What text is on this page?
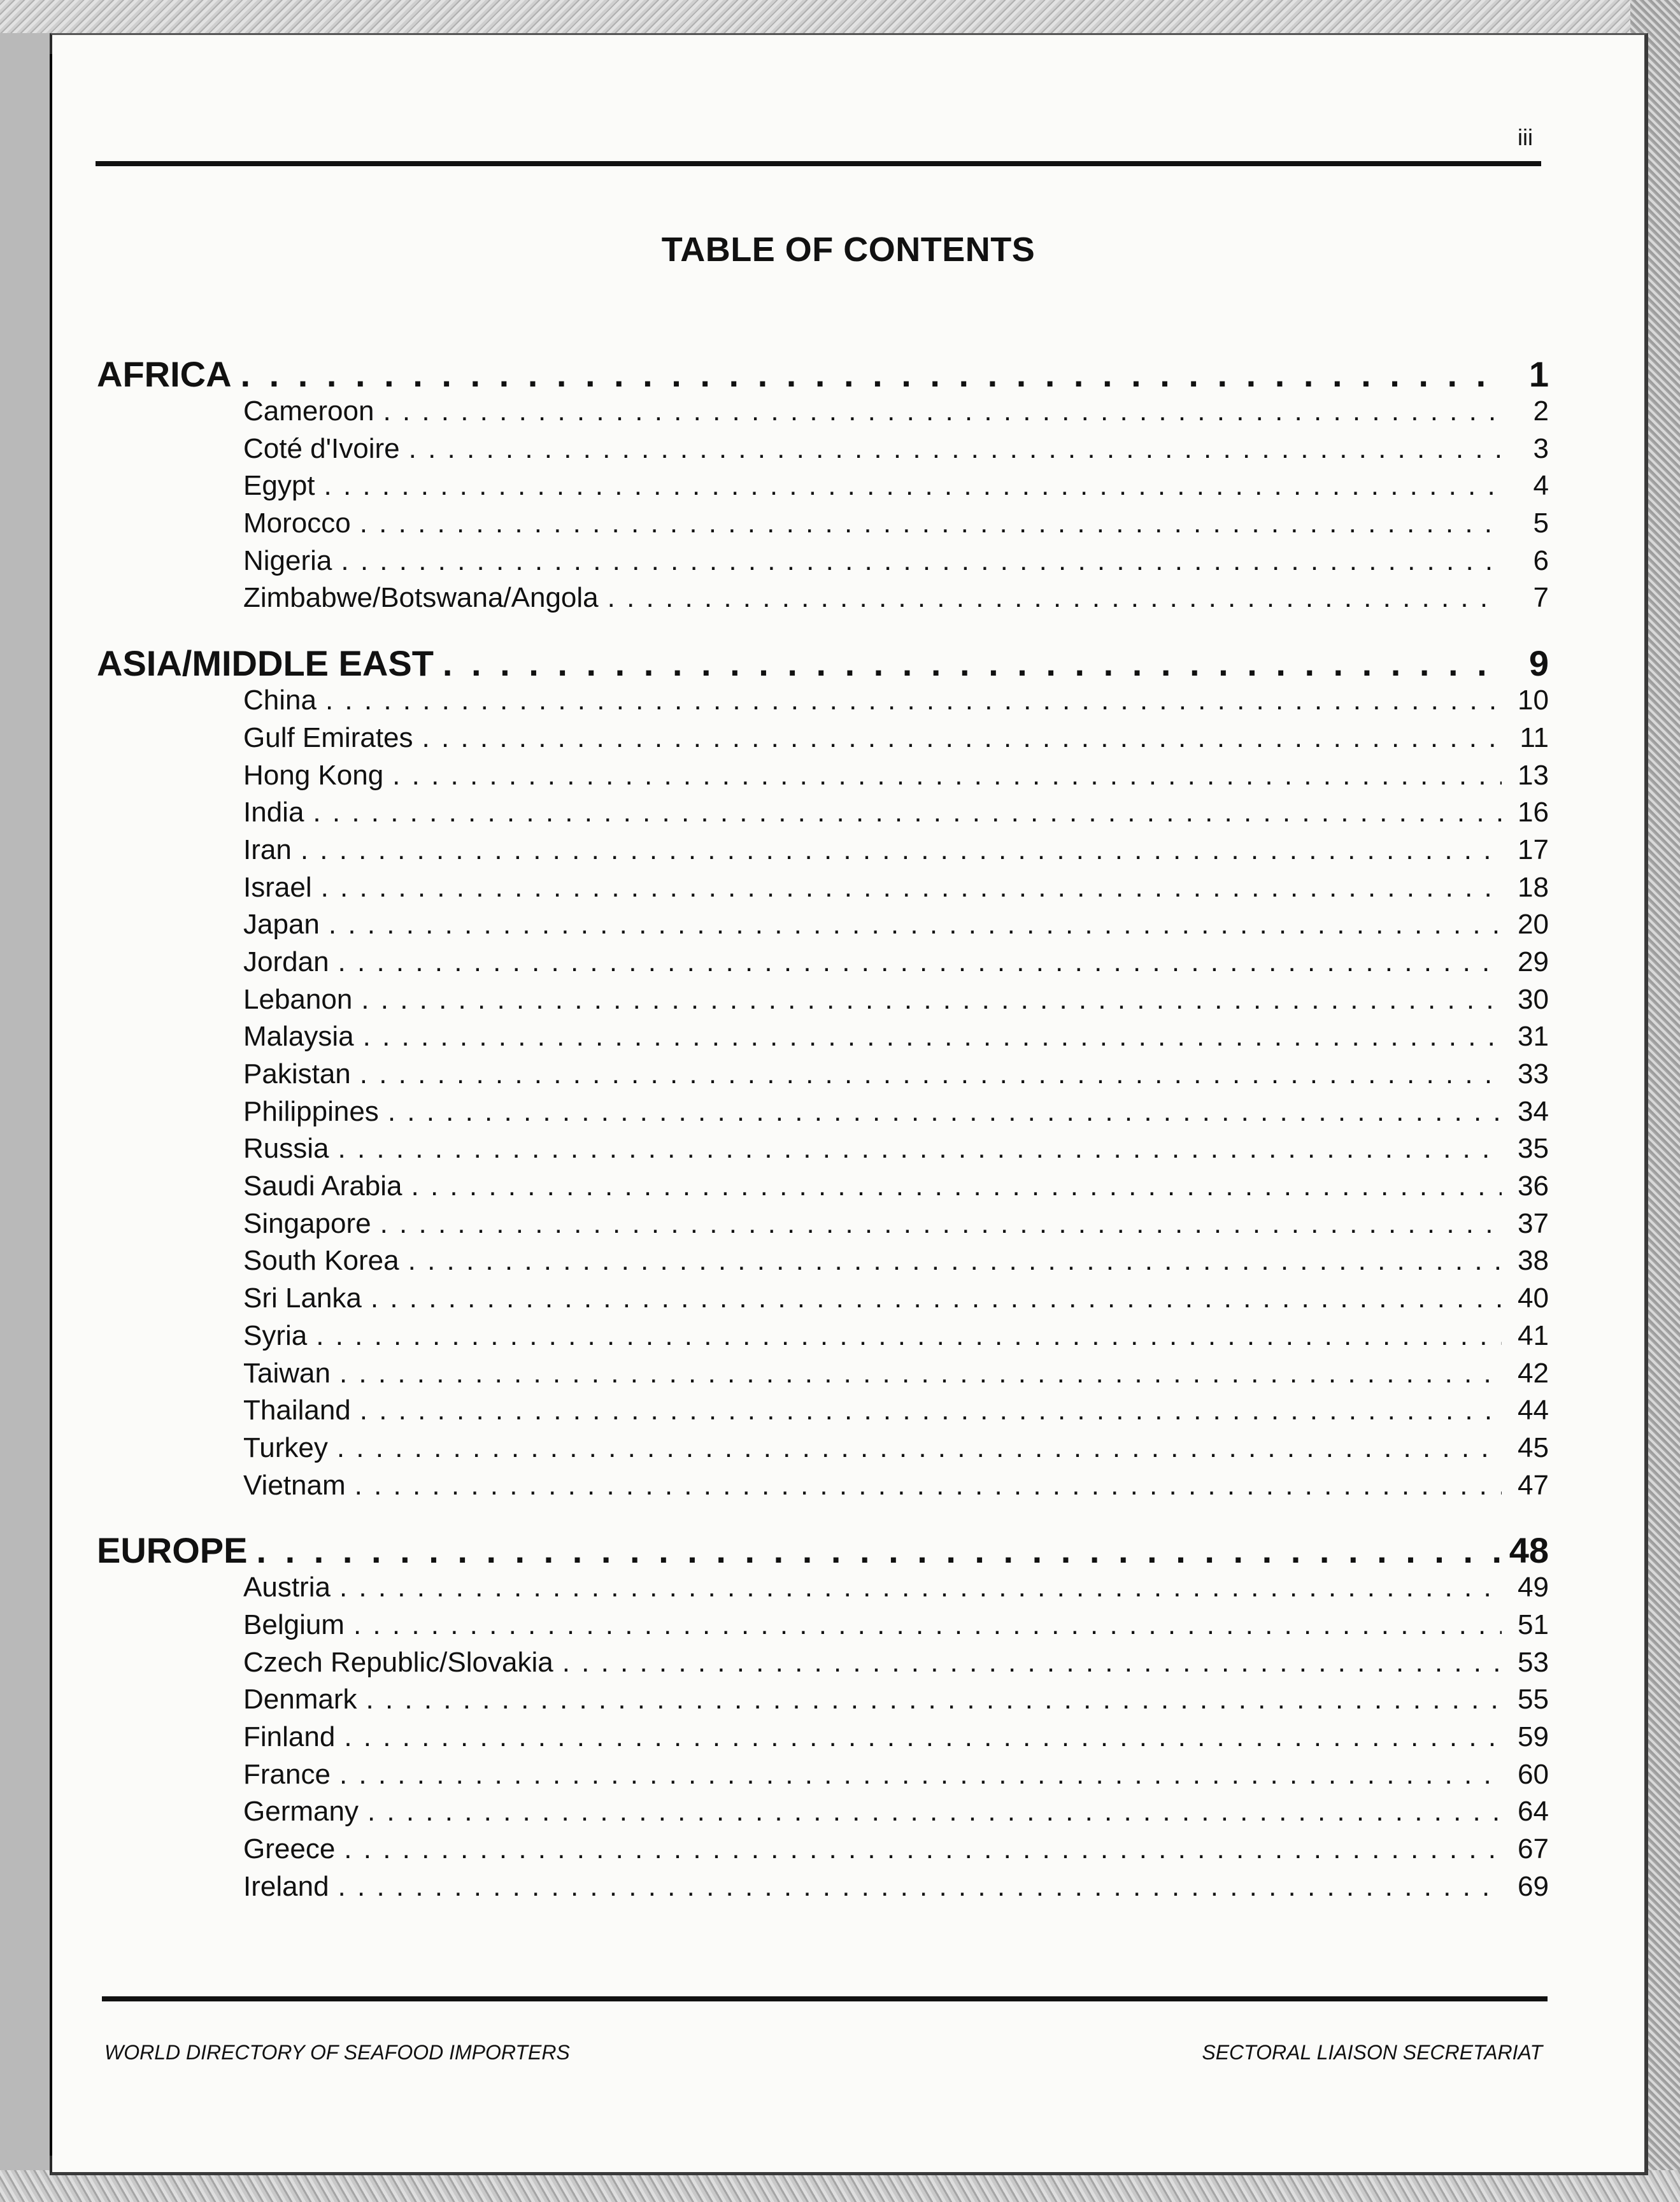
iii
TABLE OF CONTENTS
AFRICA . . .	1
Cameroon . . .	2
Coté d'Ivoire . . .	3
Egypt . . .	4
Morocco . . .	5
Nigeria . . .	6
Zimbabwe/Botswana/Angola . . .	7
ASIA/MIDDLE EAST . . .	9
China . . .	10
Gulf Emirates . . .	11
Hong Kong . . .	13
India . . .	16
Iran . . .	17
Israel . . .	18
Japan . . .	20
Jordan . . .	29
Lebanon . . .	30
Malaysia . . .	31
Pakistan . . .	33
Philippines . . .	34
Russia . . .	35
Saudi Arabia . . .	36
Singapore . . .	37
South Korea . . .	38
Sri Lanka . . .	40
Syria . . .	41
Taiwan . . .	42
Thailand . . .	44
Turkey . . .	45
Vietnam . . .	47
EUROPE . . .	48
Austria . . .	49
Belgium . . .	51
Czech Republic/Slovakia . . .	53
Denmark . . .	55
Finland . . .	59
France . . .	60
Germany . . .	64
Greece . . .	67
Ireland . . .	69
WORLD DIRECTORY OF SEAFOOD IMPORTERS	SECTORAL LIAISON SECRETARIAT
